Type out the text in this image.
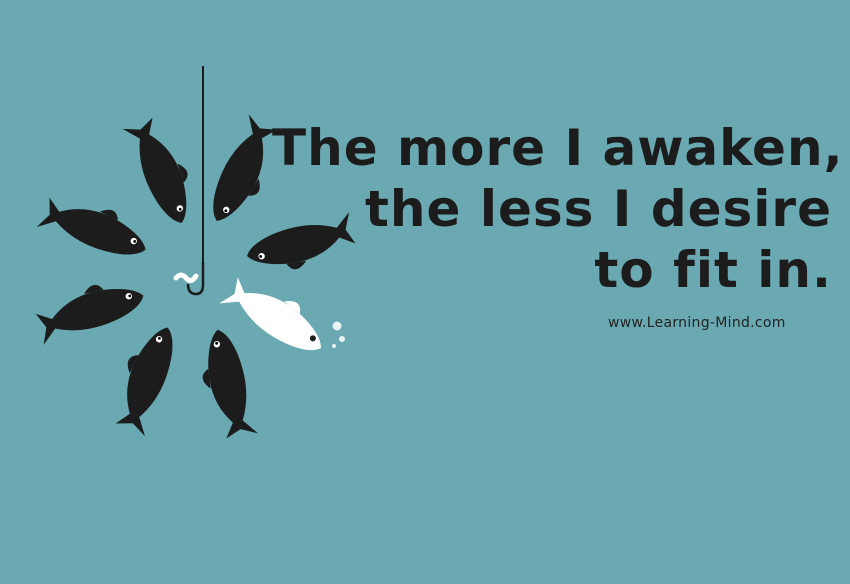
The more I awaken,
the less I desire
to fit in.
www.Learning-Mind.com
